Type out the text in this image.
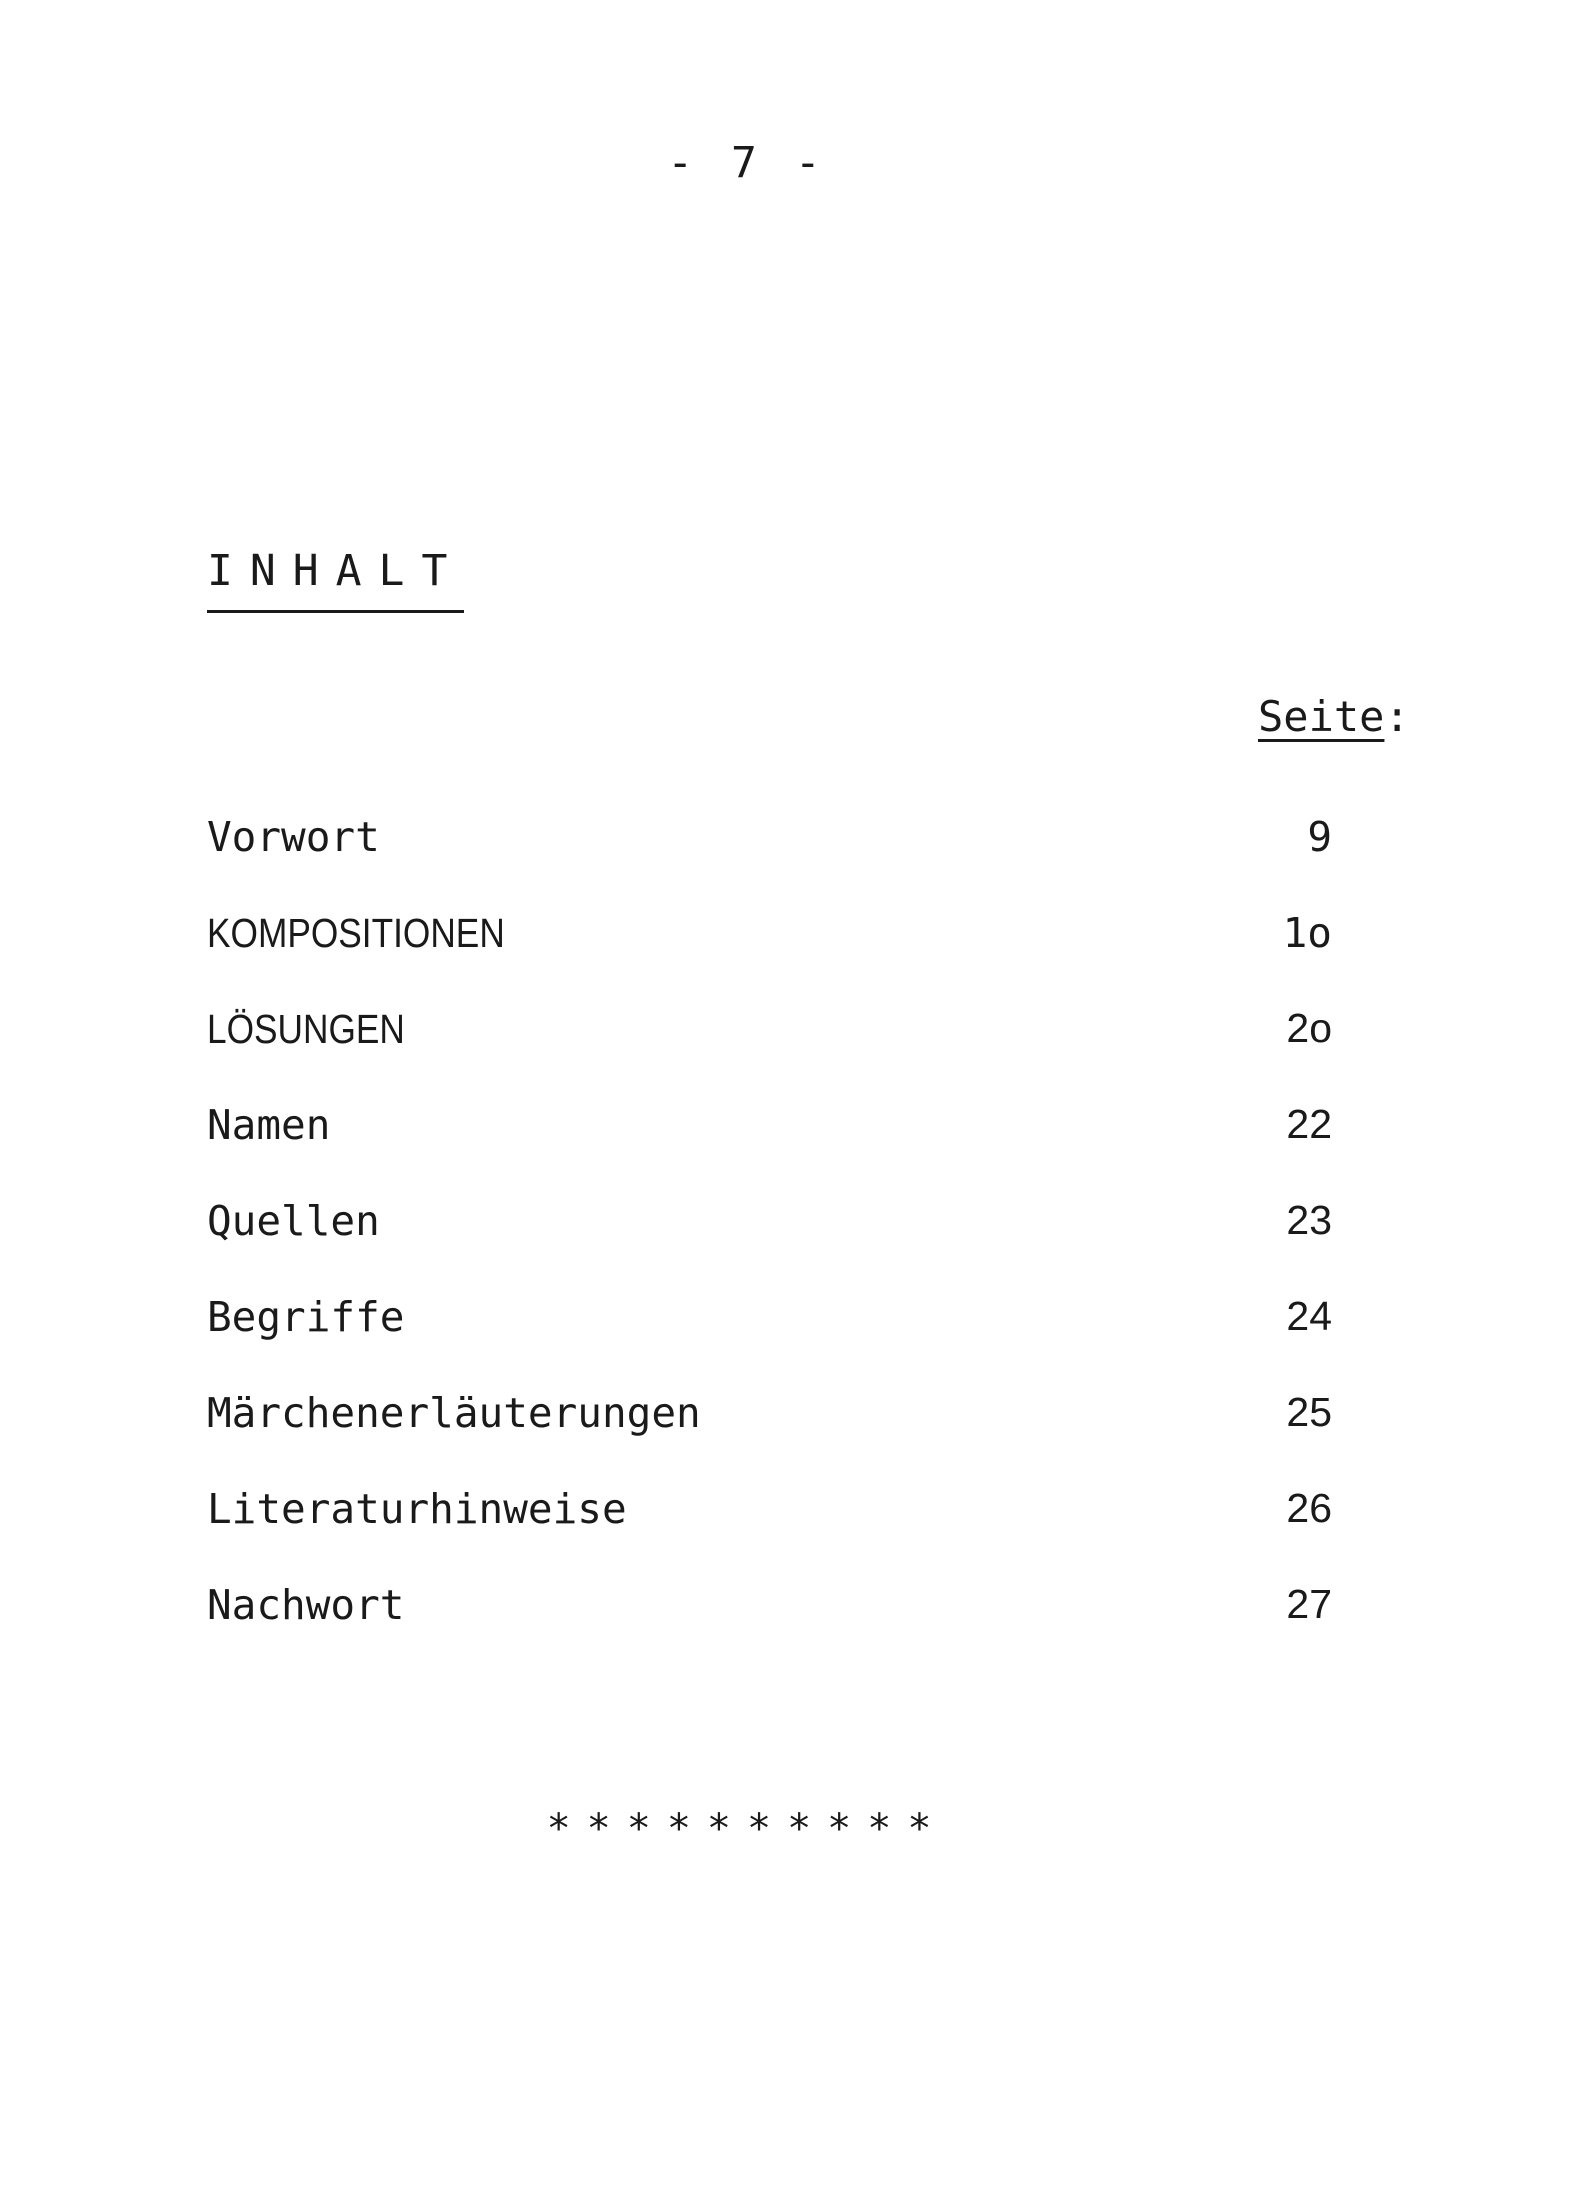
- 7 -
INHALT
Seite:
Vorwort	9
KOMPOSITIONEN	1o
LÖSUNGEN	2o
Namen	22
Quellen	23
Begriffe	24
Märchenerläuterungen	25
Literaturhinweise	26
Nachwort	27
**********
